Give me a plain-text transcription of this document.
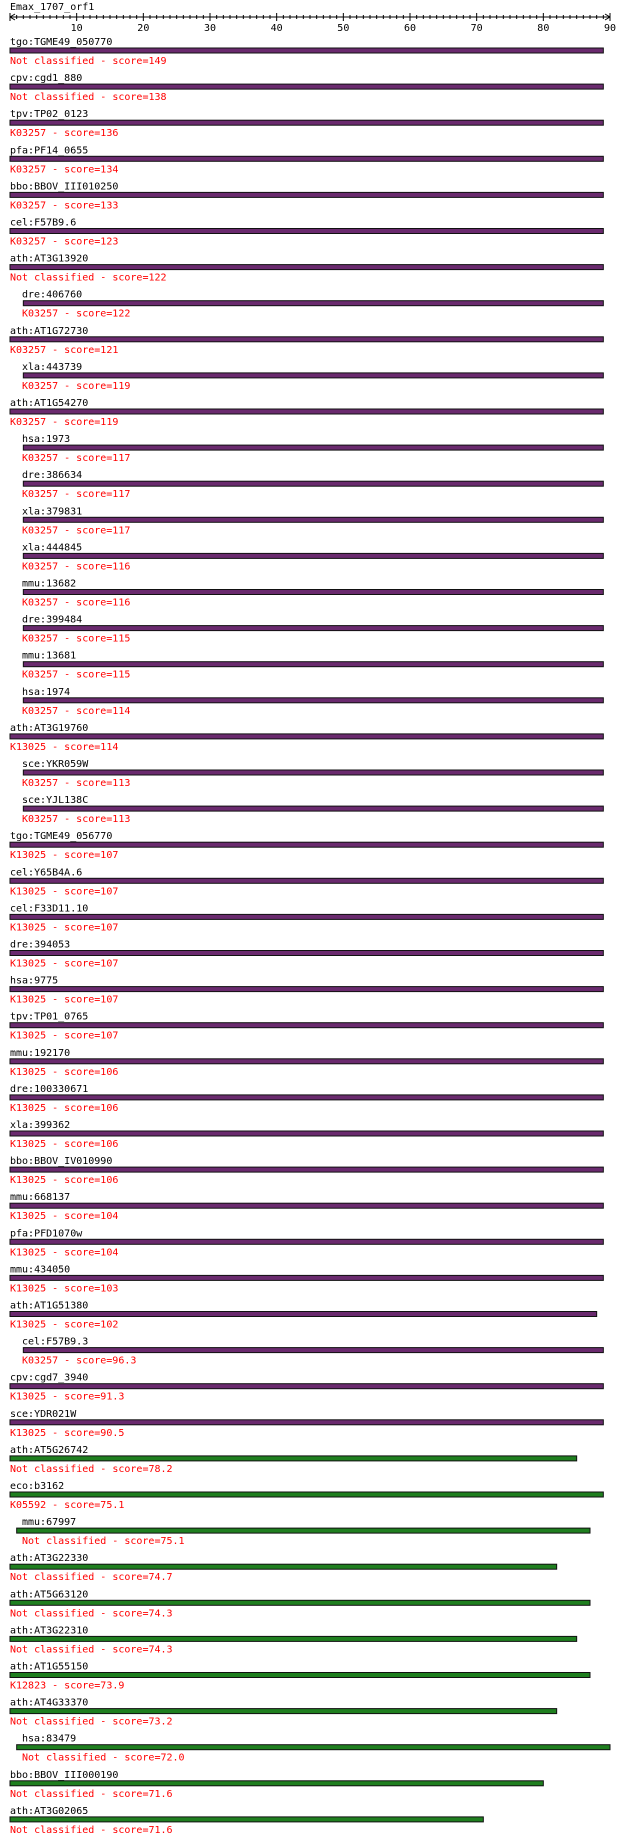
Emax_1707_orf1
10	20	30	40	50	60	70	80	90
tgo:TGME49_050770
Not classified - score=149
cpv:cgd1_880
Not classified - score=138
tpv:TP02_0123
K03257 - score=136
pfa:PF14_0655
K03257 - score=134
bbo:BBOV_III010250
K03257 - score=133
cel:F57B9.6
K03257 - score=123
ath:AT3G13920
Not classified - score=122
dre:406760
K03257 - score=122
ath:AT1G72730
K03257 - score=121
xla:443739
K03257 - score=119
ath:AT1G54270
K03257 - score=119
hsa:1973
K03257 - score=117
dre:386634
K03257 - score=117
xla:379831
K03257 - score=117
xla:444845
K03257 - score=116
mmu:13682
K03257 - score=116
dre:399484
K03257 - score=115
mmu:13681
K03257 - score=115
hsa:1974
K03257 - score=114
ath:AT3G19760
K13025 - score=114
sce:YKR059W
K03257 - score=113
sce:YJL138C
K03257 - score=113
tgo:TGME49_056770
K13025 - score=107
cel:Y65B4A.6
K13025 - score=107
cel:F33D11.10
K13025 - score=107
dre:394053
K13025 - score=107
hsa:9775
K13025 - score=107
tpv:TP01_0765
K13025 - score=107
mmu:192170
K13025 - score=106
dre:100330671
K13025 - score=106
xla:399362
K13025 - score=106
bbo:BBOV_IV010990
K13025 - score=106
mmu:668137
K13025 - score=104
pfa:PFD1070w
K13025 - score=104
mmu:434050
K13025 - score=103
ath:AT1G51380
K13025 - score=102
cel:F57B9.3
K03257 - score=96.3
cpv:cgd7_3940
K13025 - score=91.3
sce:YDR021W
K13025 - score=90.5
ath:AT5G26742
Not classified - score=78.2
eco:b3162
K05592 - score=75.1
mmu:67997
Not classified - score=75.1
ath:AT3G22330
Not classified - score=74.7
ath:AT5G63120
Not classified - score=74.3
ath:AT3G22310
Not classified - score=74.3
ath:AT1G55150
K12823 - score=73.9
ath:AT4G33370
Not classified - score=73.2
hsa:83479
Not classified - score=72.0
bbo:BBOV_III000190
Not classified - score=71.6
ath:AT3G02065
Not classified - score=71.6
